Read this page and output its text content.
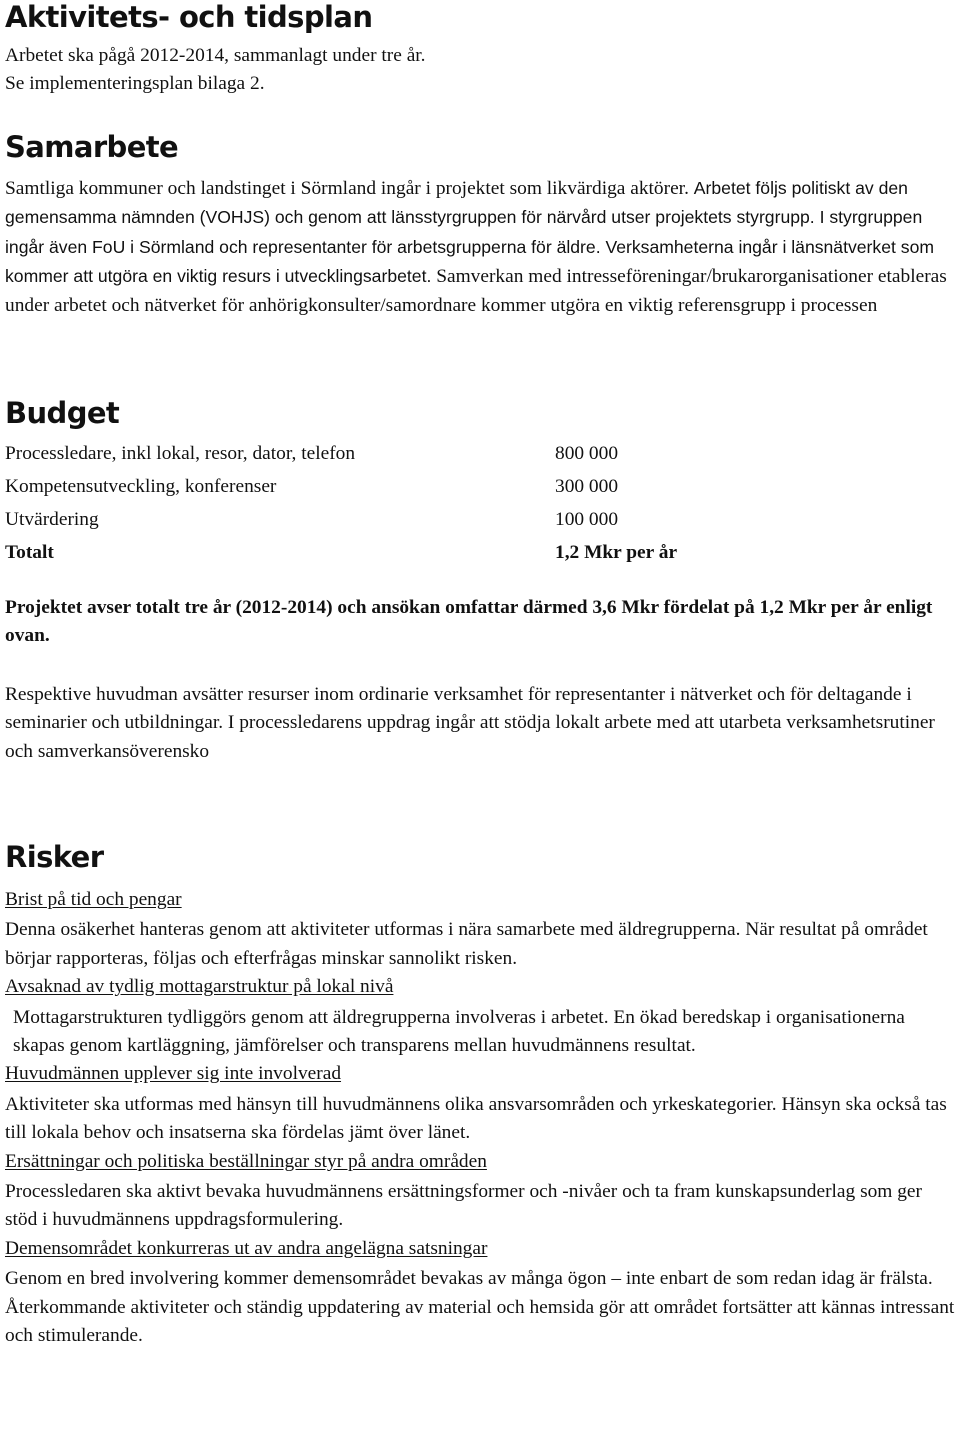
Aktivitets- och tidsplan

Arbetet ska pågå 2012-2014, sammanlagt under tre år.

Se implementeringsplan bilaga 2.

Samarbete

Samtliga kommuner och landstinget i Sörmland ingår i projektet som likvärdiga aktörer. Arbetet följs politiskt av den gemensamma nämnden (VOHJS) och genom att länsstyrgruppen för närvård utser projektets styrgrupp. I styrgruppen ingår även FoU i Sörmland och representanter för arbetsgrupperna för äldre. Verksamheterna ingår i länsnätverket som kommer att utgöra en viktig resurs i utvecklingsarbetet. Samverkan med intresseföreningar/brukarorganisationer etableras under arbetet och nätverket för anhörigkonsulter/samordnare kommer utgöra en viktig referensgrupp i processen

Budget
Processledare, inkl lokal, resor, dator, telefon	800 000
Kompetensutveckling, konferenser	300 000
Utvärdering	100 000
Totalt	1,2 Mkr per år

Projektet avser totalt tre år (2012-2014) och ansökan omfattar därmed 3,6 Mkr fördelat på 1,2 Mkr per år enligt ovan.

Respektive huvudman avsätter resurser inom ordinarie verksamhet för representanter i nätverket och för deltagande i seminarier och utbildningar. I processledarens uppdrag ingår att stödja lokalt arbete med att utarbeta verksamhetsrutiner och samverkansöverensko

Risker

Brist på tid och pengar

Denna osäkerhet hanteras genom att aktiviteter utformas i nära samarbete med äldregrupperna. När resultat på området börjar rapporteras, följas och efterfrågas minskar sannolikt risken.

Avsaknad av tydlig mottagarstruktur på lokal nivå

Mottagarstrukturen tydliggörs genom att äldregrupperna involveras i arbetet. En ökad beredskap i organisationerna skapas genom kartläggning, jämförelser och transparens mellan huvudmännens resultat.

Huvudmännen upplever sig inte involverad

Aktiviteter ska utformas med hänsyn till huvudmännens olika ansvarsområden och yrkeskategorier. Hänsyn ska också tas till lokala behov och insatserna ska fördelas jämt över länet.

Ersättningar och politiska beställningar styr på andra områden

Processledaren ska aktivt bevaka huvudmännens ersättningsformer och -nivåer och ta fram kunskapsunderlag som ger stöd i huvudmännens uppdragsformulering.

Demensområdet konkurreras ut av andra angelägna satsningar

Genom en bred involvering kommer demensområdet bevakas av många ögon – inte enbart de som redan idag är frälsta. Återkommande aktiviteter och ständig uppdatering av material och hemsida gör att området fortsätter att kännas intressant och stimulerande.
